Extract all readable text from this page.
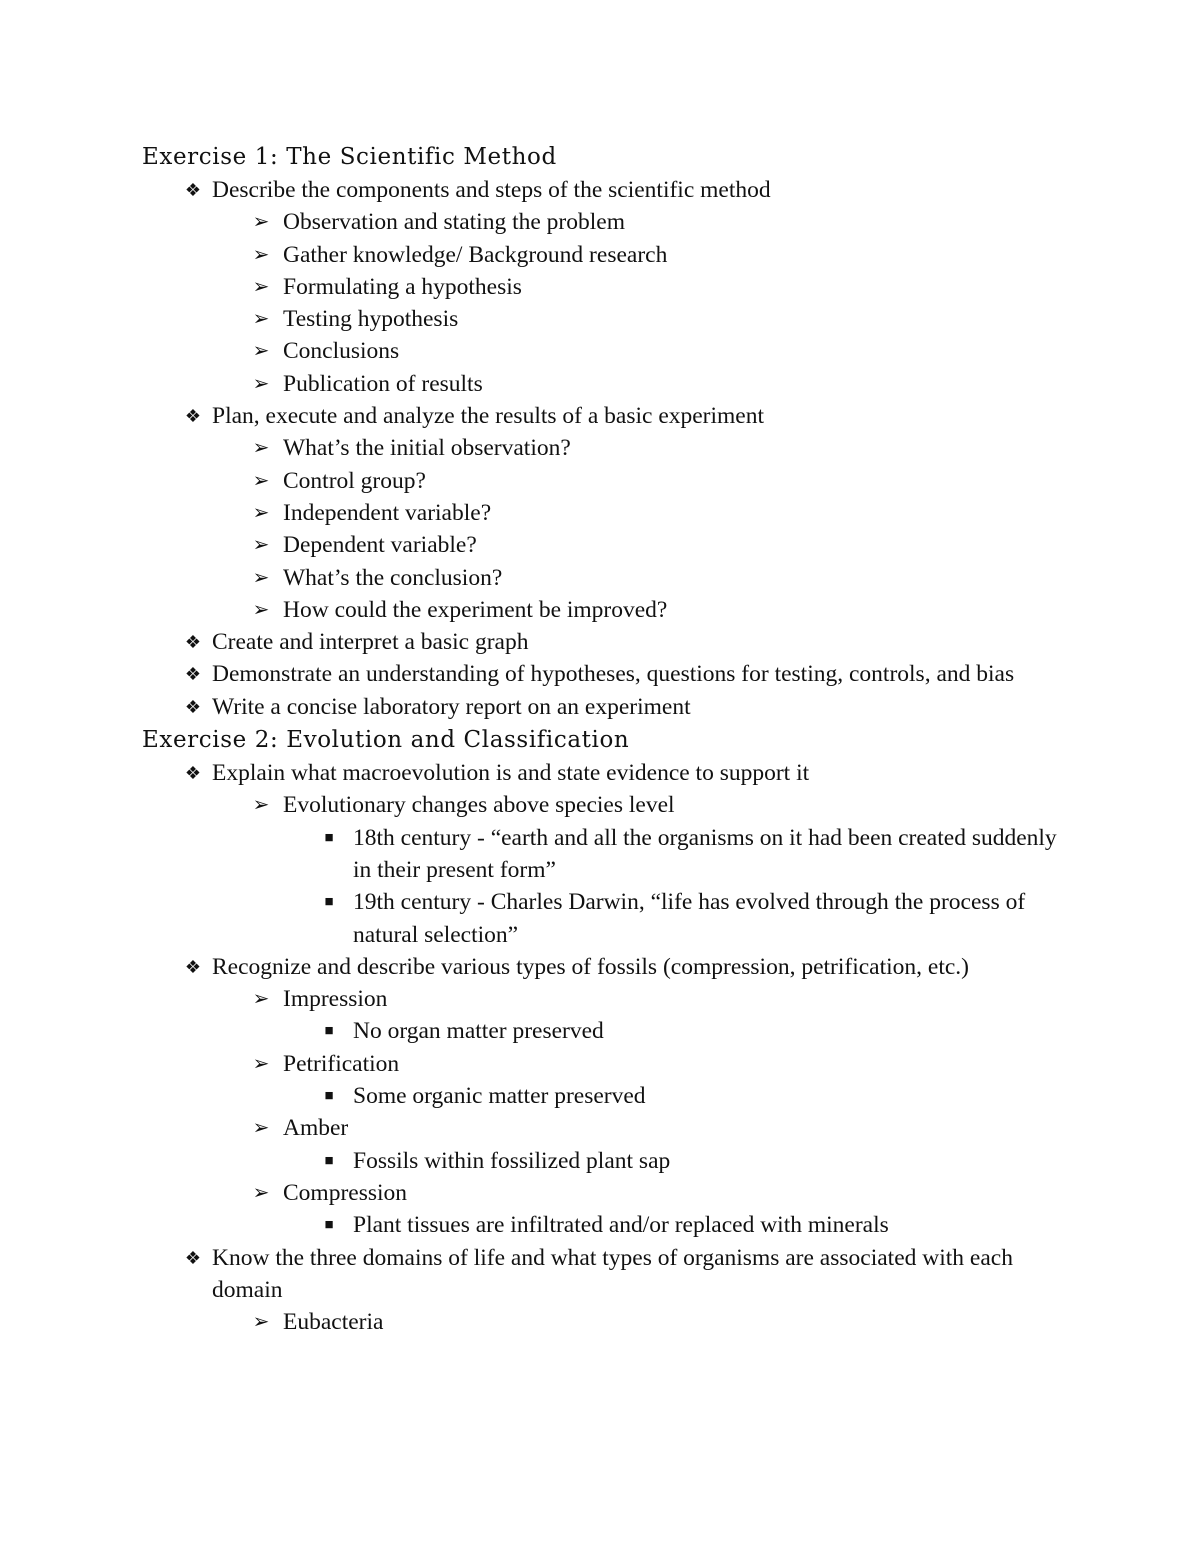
Exercise 1: The Scientific Method
❖ Describe the components and steps of the scientific method
➢ Observation and stating the problem
➢ Gather knowledge/ Background research
➢ Formulating a hypothesis
➢ Testing hypothesis
➢ Conclusions
➢ Publication of results
❖ Plan, execute and analyze the results of a basic experiment
➢ What’s the initial observation?
➢ Control group?
➢ Independent variable?
➢ Dependent variable?
➢ What’s the conclusion?
➢ How could the experiment be improved?
❖ Create and interpret a basic graph
❖ Demonstrate an understanding of hypotheses, questions for testing, controls, and bias
❖ Write a concise laboratory report on an experiment
Exercise 2: Evolution and Classification
❖ Explain what macroevolution is and state evidence to support it
➢ Evolutionary changes above species level
■ 18th century - “earth and all the organisms on it had been created suddenly in their present form”
■ 19th century - Charles Darwin, “life has evolved through the process of natural selection”
❖ Recognize and describe various types of fossils (compression, petrification, etc.)
➢ Impression
■ No organ matter preserved
➢ Petrification
■ Some organic matter preserved
➢ Amber
■ Fossils within fossilized plant sap
➢ Compression
■ Plant tissues are infiltrated and/or replaced with minerals
❖ Know the three domains of life and what types of organisms are associated with each domain
➢ Eubacteria
